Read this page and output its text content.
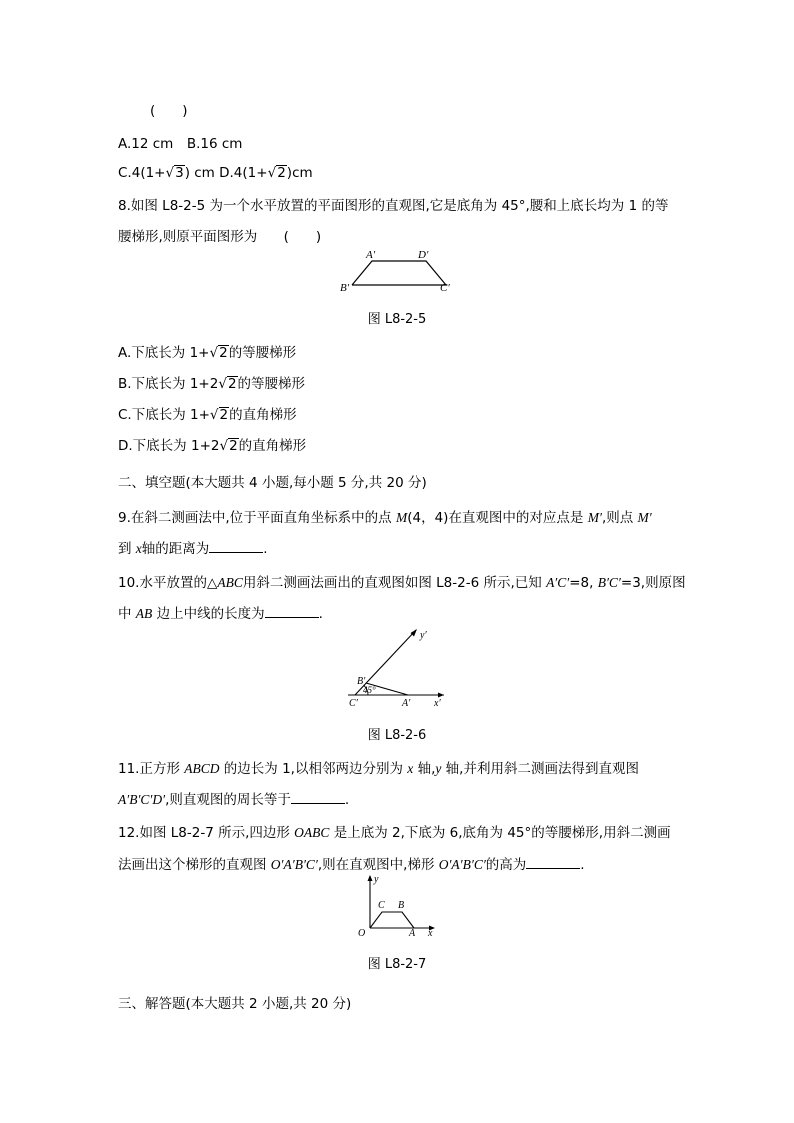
(　　)
A.12 cm　B.16 cm
C.4(1+√3) cm D.4(1+√2)cm
8.如图 L8-2-5 为一个水平放置的平面图形的直观图,它是底角为 45°,腰和上底长均为 1 的等
腰梯形,则原平面图形为 (　　)
A′	D′
B′	C′
图 L8-2-5
A.下底长为 1+√2的等腰梯形
B.下底长为 1+2√2的等腰梯形
C.下底长为 1+√2的直角梯形
D.下底长为 1+2√2的直角梯形
二、填空题(本大题共 4 小题,每小题 5 分,共 20 分)
9.在斜二测画法中,位于平面直角坐标系中的点 M(4，4)在直观图中的对应点是 M′,则点 M′
到 x轴的距离为	.
10.水平放置的△ABC用斜二测画法画出的直观图如图 L8-2-6 所示,已知 A′C′=8, B′C′=3,则原图
中 AB 边上中线的长度为	.
y′
B′
45°
C′	A′ x′
图 L8-2-6
11.正方形 ABCD 的边长为 1,以相邻两边分别为 x 轴,y 轴,并利用斜二测画法得到直观图
A′B′C′D′,则直观图的周长等于	.
12.如图 L8-2-7 所示,四边形 OABC 是上底为 2,下底为 6,底角为 45°的等腰梯形,用斜二测画
法画出这个梯形的直观图 O′A′B′C′,则在直观图中,梯形 O′A′B′C′的高为	.
y
C B
O	A x
图 L8-2-7
三、解答题(本大题共 2 小题,共 20 分)
